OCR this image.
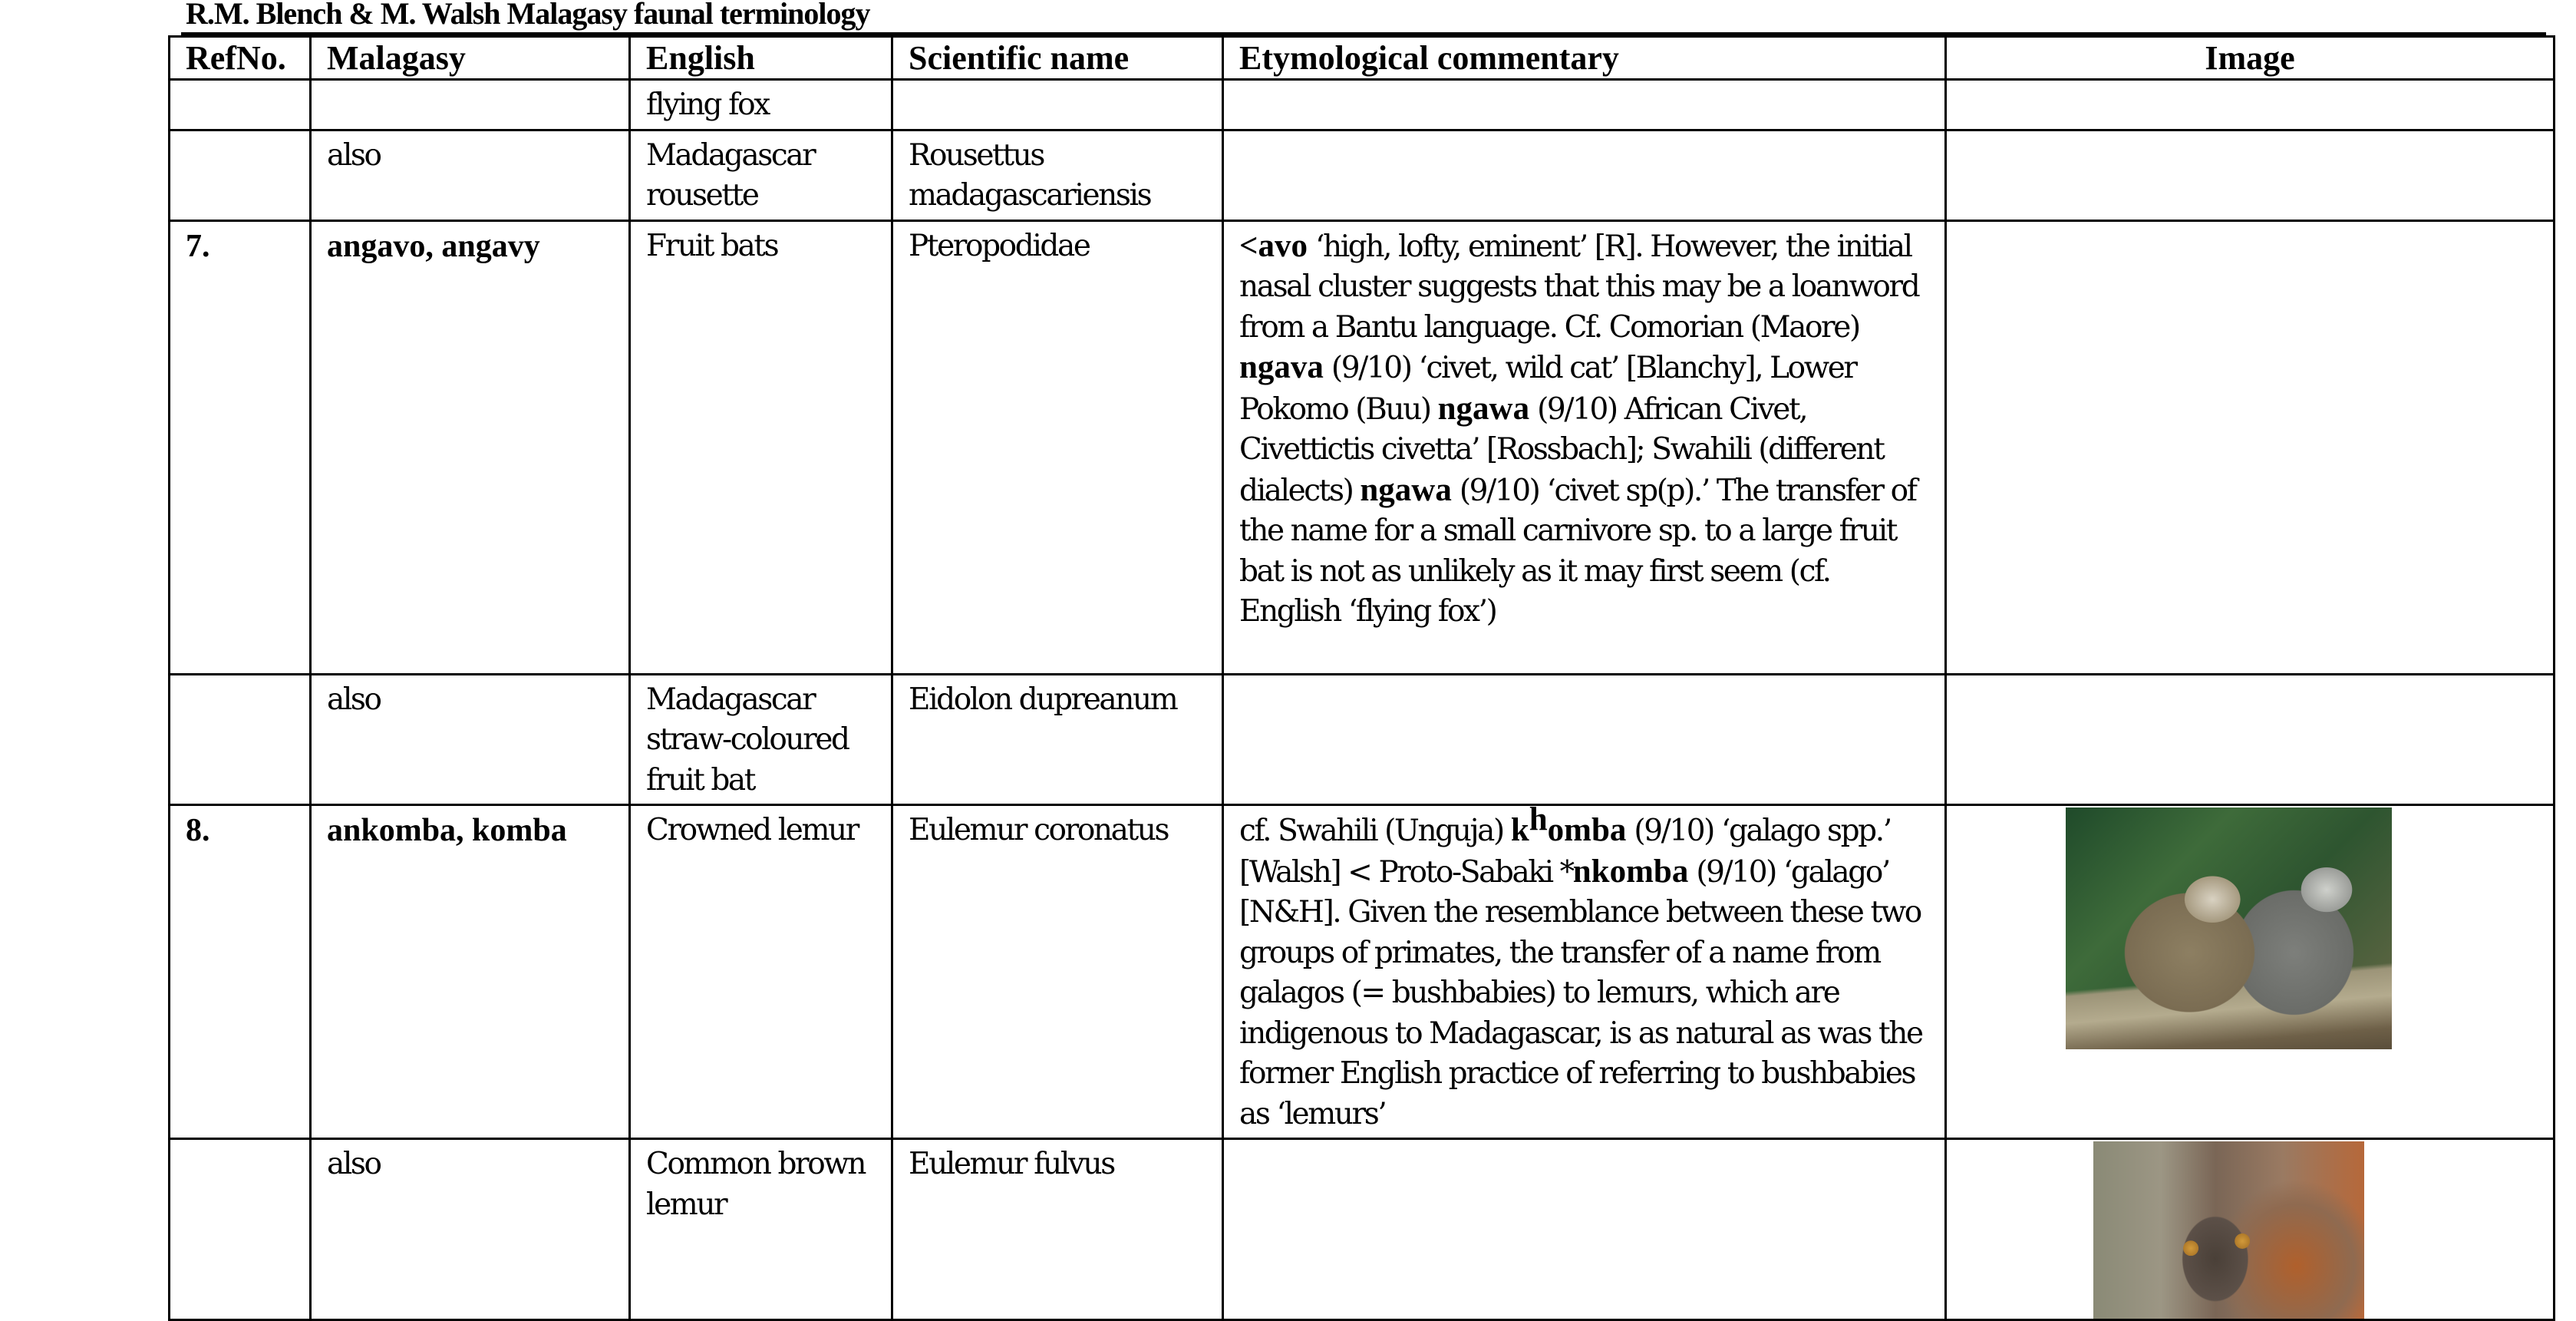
R.M. Blench & M. Walsh Malagasy faunal terminology
RefNo.	Malagasy	English	Scientific name	Etymological commentary	Image
		flying fox			
	also	Madagascar rousette	Rousettus madagascariensis		
7.	angavo, angavy	Fruit bats	Pteropodidae	<avo ‘high, lofty, eminent’ [R]. However, the initial nasal cluster suggests that this may be a loanword from a Bantu language. Cf. Comorian (Maore) ngava (9/10) ‘civet, wild cat’ [Blanchy], Lower Pokomo (Buu) ngawa (9/10) African Civet, Civettictis civetta’ [Rossbach]; Swahili (different dialects) ngawa (9/10) ‘civet sp(p).’ The transfer of the name for a small carnivore sp. to a large fruit bat is not as unlikely as it may first seem (cf. English ‘flying fox’)	
	also	Madagascar straw-coloured fruit bat	Eidolon dupreanum		
8.	ankomba, komba	Crowned lemur	Eulemur coronatus	cf. Swahili (Unguja) $k^homba$ (9/10) ‘galago spp.’ [Walsh] < Proto-Sabaki *nkomba (9/10) ‘galago’ [N&H]. Given the resemblance between these two groups of primates, the transfer of a name from galagos (= bushbabies) to lemurs, which are indigenous to Madagascar, is as natural as was the former English practice of referring to bushbabies as ‘lemurs’	

	also	Common brown lemur	Eulemur fulvus		
